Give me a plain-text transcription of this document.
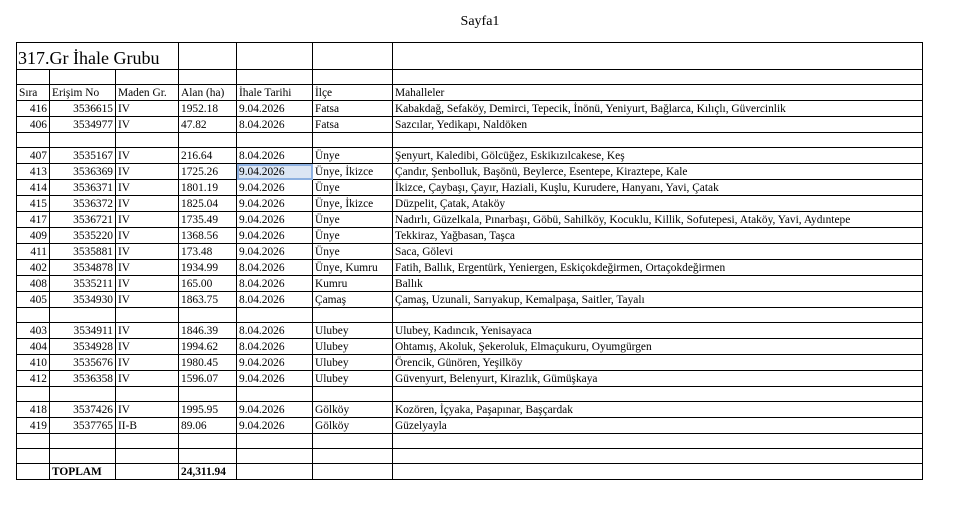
Sayfa1
317.Gr İhale Grubu						

Sıra	Erişim No	Maden Gr.	Alan (ha)	İhale Tarihi	İlçe	Mahalleler
416	3536615	IV	1952.18	9.04.2026	Fatsa	Kabakdağ, Sefaköy, Demirci, Tepecik, İnönü, Yeniyurt, Bağlarca, Kılıçlı, Güvercinlik
406	3534977	IV	47.82	8.04.2026	Fatsa	Sazcılar, Yedikapı, Naldöken

407	3535167	IV	216.64	8.04.2026	Ünye	Şenyurt, Kaledibi, Gölcüğez, Eskikızılcakese, Keş
413	3536369	IV	1725.26	9.04.2026	Ünye, İkizce	Çandır, Şenbolluk, Başönü, Beylerce, Esentepe, Kiraztepe, Kale
414	3536371	IV	1801.19	9.04.2026	Ünye	İkizce, Çaybaşı, Çayır, Haziali, Kuşlu, Kurudere, Hanyanı, Yavi, Çatak
415	3536372	IV	1825.04	9.04.2026	Ünye, İkizce	Düzpelit, Çatak, Ataköy
417	3536721	IV	1735.49	9.04.2026	Ünye	Nadırlı, Güzelkala, Pınarbaşı, Göbü, Sahilköy, Kocuklu, Killik, Sofutepesi, Ataköy, Yavi, Aydıntepe
409	3535220	IV	1368.56	9.04.2026	Ünye	Tekkiraz, Yağbasan, Taşca
411	3535881	IV	173.48	9.04.2026	Ünye	Saca, Gölevi
402	3534878	IV	1934.99	8.04.2026	Ünye, Kumru	Fatih, Ballık, Ergentürk, Yeniergen, Eskiçokdeğirmen, Ortaçokdeğirmen
408	3535211	IV	165.00	8.04.2026	Kumru	Ballık
405	3534930	IV	1863.75	8.04.2026	Çamaş	Çamaş, Uzunali, Sarıyakup, Kemalpaşa, Saitler, Tayalı

403	3534911	IV	1846.39	8.04.2026	Ulubey	Ulubey, Kadıncık, Yenisayaca
404	3534928	IV	1994.62	8.04.2026	Ulubey	Ohtamış, Akoluk, Şekeroluk, Elmaçukuru, Oyumgürgen
410	3535676	IV	1980.45	9.04.2026	Ulubey	Örencik, Günören, Yeşilköy
412	3536358	IV	1596.07	9.04.2026	Ulubey	Güvenyurt, Belenyurt, Kirazlık, Gümüşkaya

418	3537426	IV	1995.95	9.04.2026	Gölköy	Kozören, İçyaka, Paşapınar, Başçardak
419	3537765	II-B	89.06	9.04.2026	Gölköy	Güzelyayla

	TOPLAM		24,311.94			
